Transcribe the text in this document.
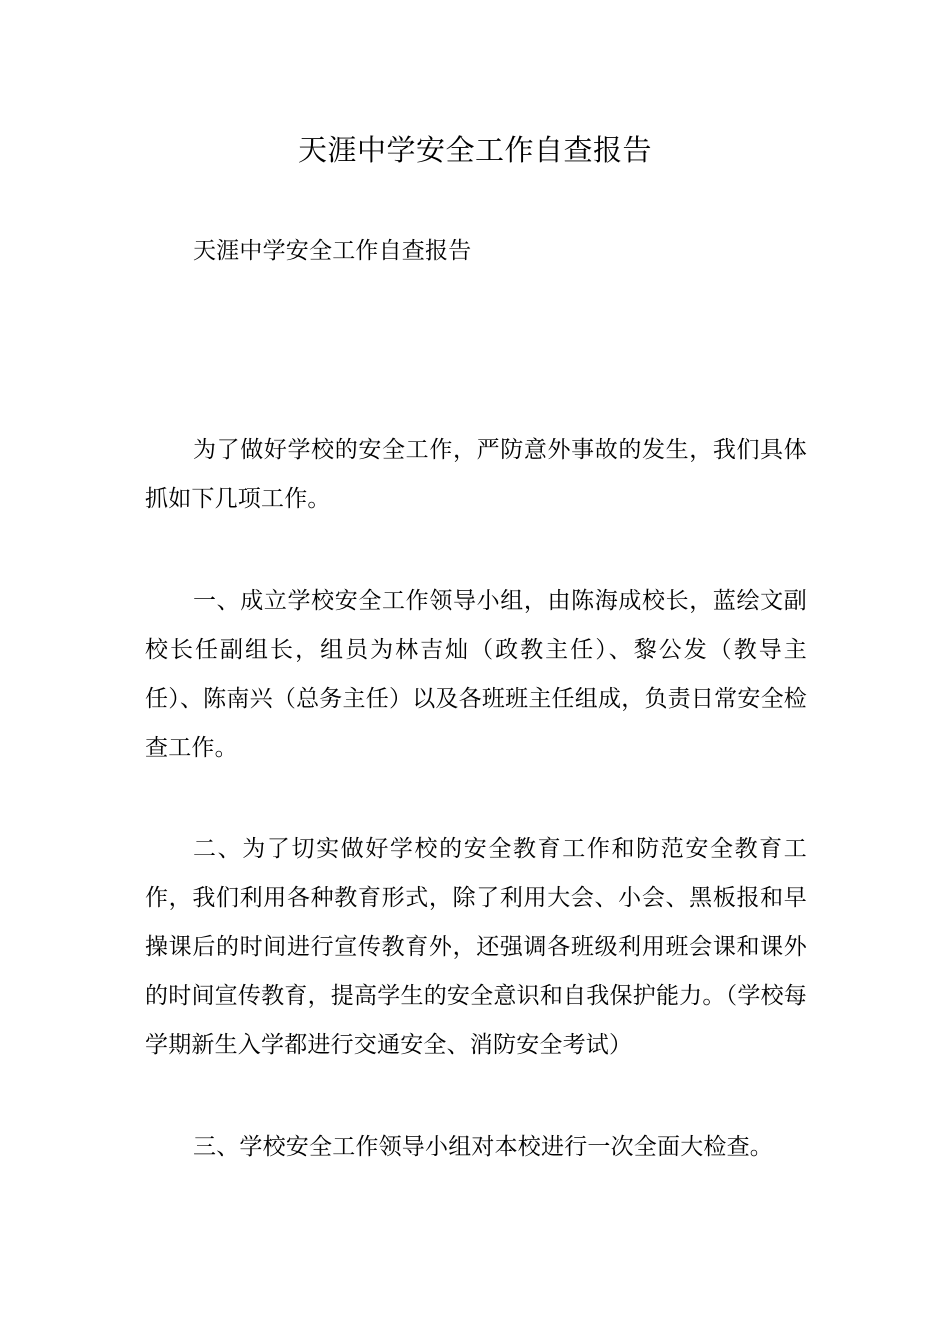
天涯中学安全工作自查报告

天涯中学安全工作自查报告

为了做好学校的安全工作，严防意外事故的发生，我们具体抓如下几项工作。

一、成立学校安全工作领导小组，由陈海成校长，蓝绘文副校长任副组长，组员为林吉灿（政教主任）、黎公发（教导主任）、陈南兴（总务主任）以及各班班主任组成，负责日常安全检查工作。

二、为了切实做好学校的安全教育工作和防范安全教育工作，我们利用各种教育形式，除了利用大会、小会、黑板报和早操课后的时间进行宣传教育外，还强调各班级利用班会课和课外的时间宣传教育，提高学生的安全意识和自我保护能力。（学校每学期新生入学都进行交通安全、消防安全考试）

三、学校安全工作领导小组对本校进行一次全面大检查。
